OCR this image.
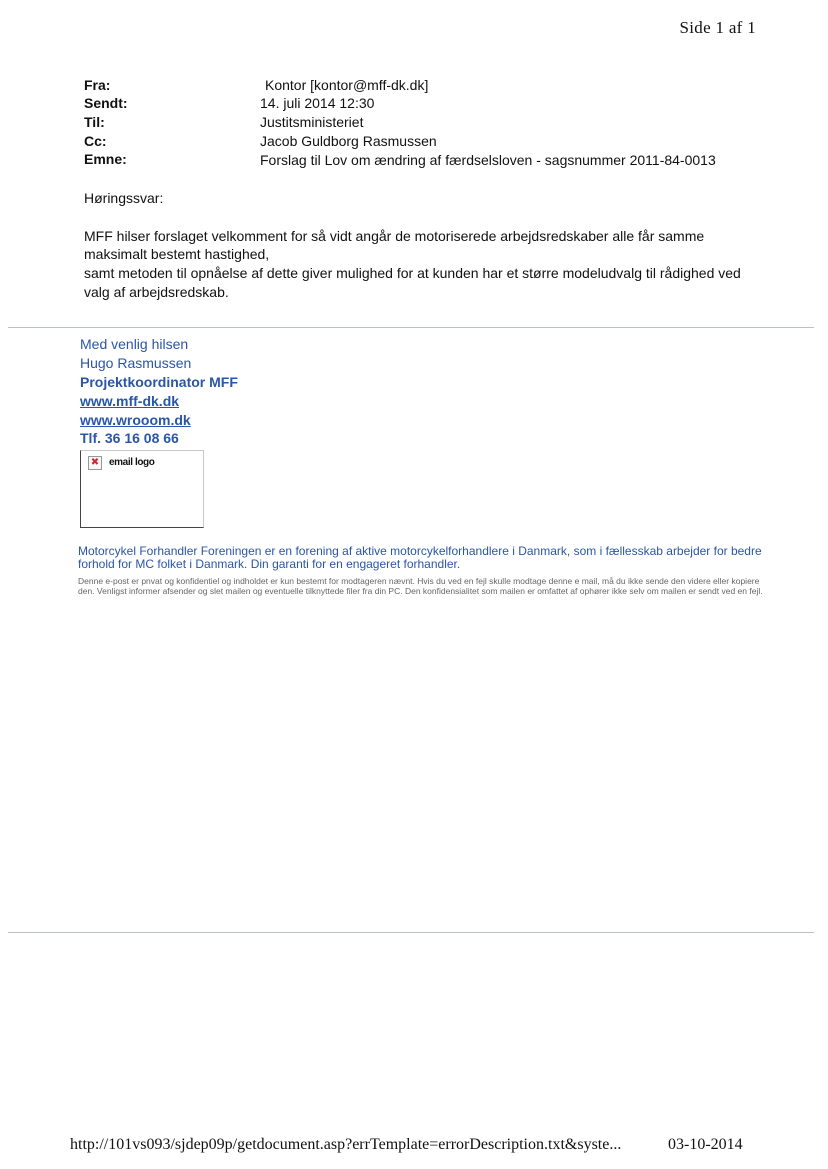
Side 1 af 1
Fra:	Kontor [kontor@mff-dk.dk]
Sendt:	14. juli 2014 12:30
Til:	Justitsministeriet
Cc:	Jacob Guldborg Rasmussen
Emne:	Forslag til Lov om ændring af færdselsloven - sagsnummer 2011-84-0013
Høringssvar:
MFF hilser forslaget velkomment for så vidt angår de motoriserede arbejdsredskaber alle får samme
maksimalt bestemt hastighed,
samt metoden til opnåelse af dette giver mulighed for at kunden har et større modeludvalg til rådighed ved
valg af arbejdsredskab.
Med venlig hilsen
Hugo Rasmussen
Projektkoordinator MFF
www.mff-dk.dk
www.wrooom.dk
Tlf. 36 16 08 66
✖ email logo
Motorcykel Forhandler Foreningen er en forening af aktive motorcykelforhandlere i Danmark, som i fællesskab arbejder for bedre forhold for MC folket i Danmark. Din garanti for en engageret forhandler.
Denne e-post er pnvat og konfidentiel og indholdet er kun bestemt for modtageren nævnt. Hvis du ved en fejl skulle modtage denne e mail, må du ikke sende den videre eller kopiere den. Venligst informer afsender og slet mailen og eventuelle tilknyttede filer fra din PC. Den konfidensialitet som mailen er omfattet af ophører ikke selv om mailen er sendt ved en fejl.
http://101vs093/sjdep09p/getdocument.asp?errTemplate=errorDescription.txt&syste...	03-10-2014
